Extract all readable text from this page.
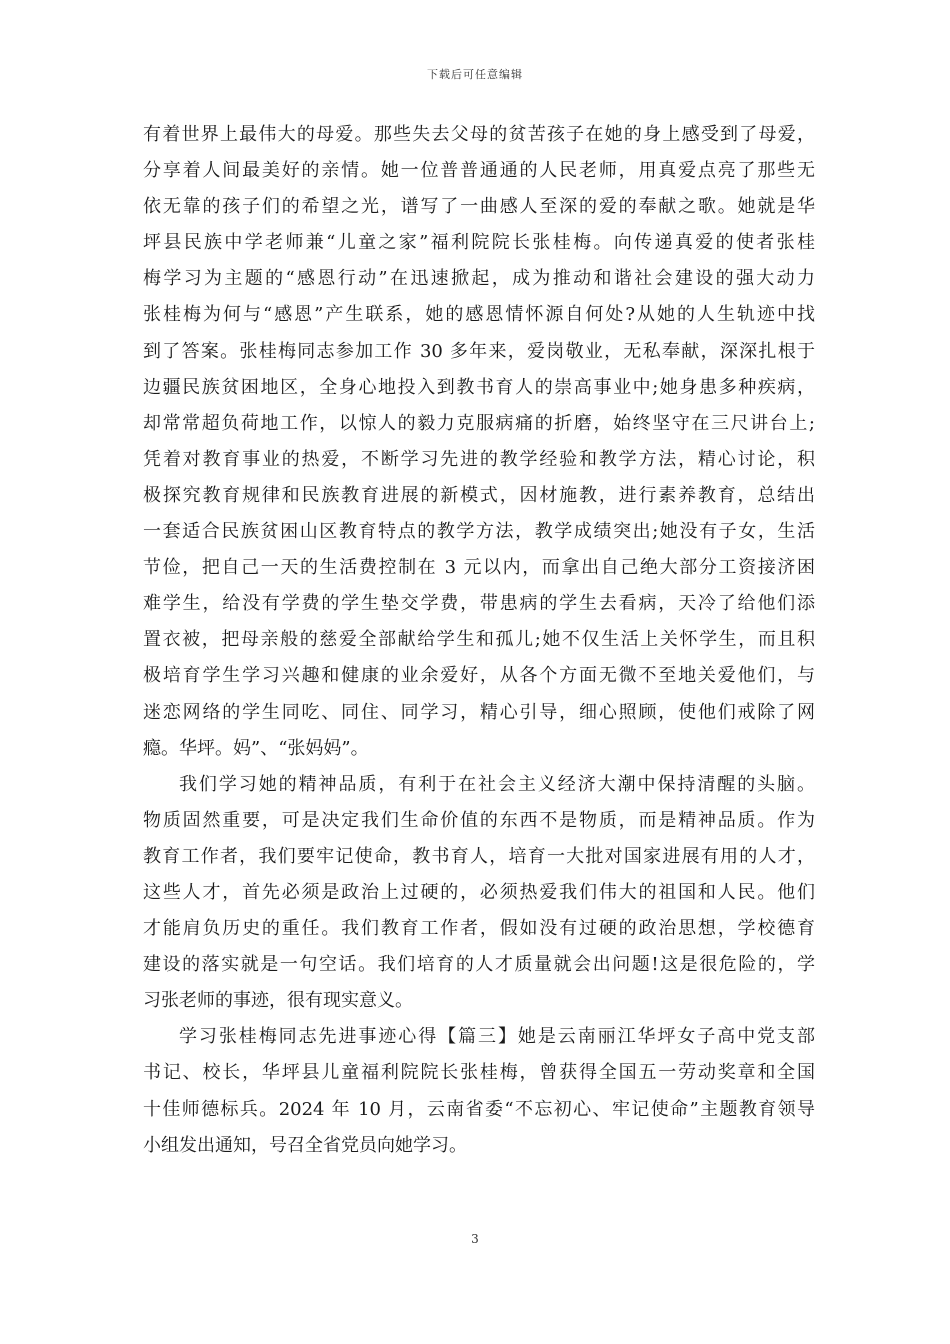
下载后可任意编辑
有着世界上最伟大的母爱。那些失去父母的贫苦孩子在她的身上感受到了母爱，
分享着人间最美好的亲情。她一位普普通通的人民老师，用真爱点亮了那些无
依无靠的孩子们的希望之光，谱写了一曲感人至深的爱的奉献之歌。她就是华
坪县民族中学老师兼“儿童之家”福利院院长张桂梅。向传递真爱的使者张桂
梅学习为主题的“感恩行动”在迅速掀起，成为推动和谐社会建设的强大动力
张桂梅为何与“感恩”产生联系，她的感恩情怀源自何处?从她的人生轨迹中找
到了答案。张桂梅同志参加工作 30 多年来，爱岗敬业，无私奉献，深深扎根于
边疆民族贫困地区，全身心地投入到教书育人的崇高事业中;她身患多种疾病，
却常常超负荷地工作，以惊人的毅力克服病痛的折磨，始终坚守在三尺讲台上;
凭着对教育事业的热爱，不断学习先进的教学经验和教学方法，精心讨论，积
极探究教育规律和民族教育进展的新模式，因材施教，进行素养教育，总结出
一套适合民族贫困山区教育特点的教学方法，教学成绩突出;她没有子女，生活
节俭，把自己一天的生活费控制在 3 元以内，而拿出自己绝大部分工资接济困
难学生，给没有学费的学生垫交学费，带患病的学生去看病，天冷了给他们添
置衣被，把母亲般的慈爱全部献给学生和孤儿;她不仅生活上关怀学生，而且积
极培育学生学习兴趣和健康的业余爱好，从各个方面无微不至地关爱他们，与
迷恋网络的学生同吃、同住、同学习，精心引导，细心照顾，使他们戒除了网
瘾。华坪。妈”、“张妈妈”。
我们学习她的精神品质，有利于在社会主义经济大潮中保持清醒的头脑。
物质固然重要，可是决定我们生命价值的东西不是物质，而是精神品质。作为
教育工作者，我们要牢记使命，教书育人，培育一大批对国家进展有用的人才，
这些人才，首先必须是政治上过硬的，必须热爱我们伟大的祖国和人民。他们
才能肩负历史的重任。我们教育工作者，假如没有过硬的政治思想，学校德育
建设的落实就是一句空话。我们培育的人才质量就会出问题!这是很危险的，学
习张老师的事迹，很有现实意义。
学习张桂梅同志先进事迹心得【篇三】她是云南丽江华坪女子高中党支部
书记、校长，华坪县儿童福利院院长张桂梅，曾获得全国五一劳动奖章和全国
十佳师德标兵。2024 年 10 月，云南省委“不忘初心、牢记使命”主题教育领导
小组发出通知，号召全省党员向她学习。
3
